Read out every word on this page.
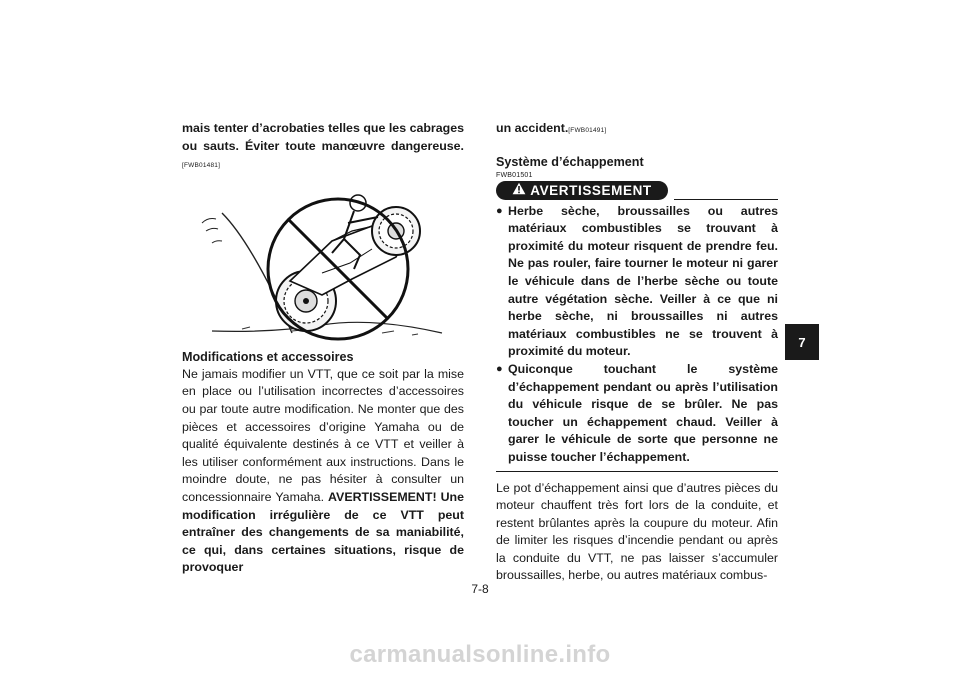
mais tenter d’acrobaties telles que les cabrages ou sauts. Éviter toute manœuvre dangereuse.[FWB01481]

Modifications et accessoires

Ne jamais modifier un VTT, que ce soit par la mise en place ou l’utilisation incorrectes d’accessoires ou par toute autre modification. Ne monter que des pièces et accessoires d’origine Yamaha ou de qualité équivalente destinés à ce VTT et veiller à les utiliser conformément aux instructions. Dans le moindre doute, ne pas hésiter à consulter un concessionnaire Yamaha. AVERTISSEMENT! Une modification irrégulière de ce VTT peut entraîner des changements de sa maniabilité, ce qui, dans certaines situations, risque de provoquer

un accident.[FWB01491]

Système d’échappement
FWB01501
AVERTISSEMENT
● Herbe sèche, broussailles ou autres matériaux combustibles se trouvant à proximité du moteur risquent de prendre feu. Ne pas rouler, faire tourner le moteur ni garer le véhicule dans de l’herbe sèche ou toute autre végétation sèche. Veiller à ce que ni herbe sèche, ni broussailles ni autres matériaux combustibles ne se trouvent à proximité du moteur.

● Quiconque touchant le système d’échappement pendant ou après l’utilisation du véhicule risque de se brûler. Ne pas toucher un échappement chaud. Veiller à garer le véhicule de sorte que personne ne puisse toucher l’échappement.

Le pot d’échappement ainsi que d’autres pièces du moteur chauffent très fort lors de la conduite, et restent brûlantes après la coupure du moteur. Afin de limiter les risques d’incendie pendant ou après la conduite du VTT, ne pas laisser s’accumuler broussailles, herbe, ou autres matériaux combus-

7-8
7
carmanualsonline.info
